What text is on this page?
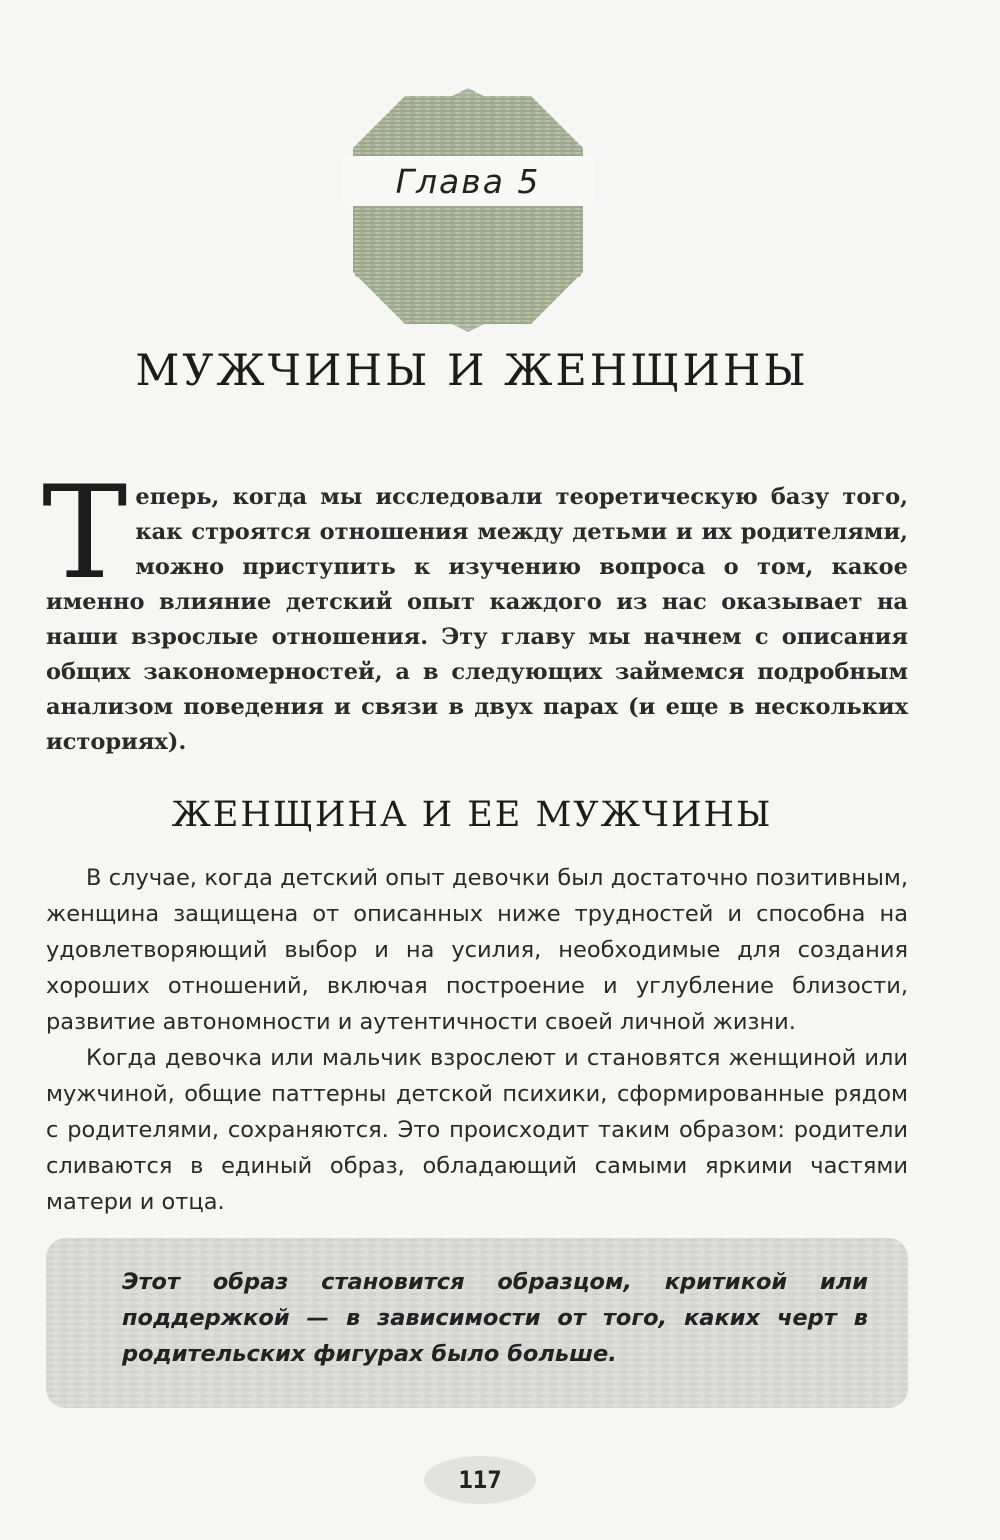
Глава 5
МУЖЧИНЫ И ЖЕНЩИНЫ
Т еперь, когда мы исследовали теоретическую базу того, как строятся отношения между детьми и их родителями, можно приступить к изучению вопроса о том, какое именно влияние детский опыт каждого из нас оказывает на наши взрослые отношения. Эту главу мы начнем с описания общих закономерностей, а в следующих займемся подробным анализом поведения и связи в двух парах (и еще в нескольких историях).

ЖЕНЩИНА И ЕЕ МУЖЧИНЫ

В случае, когда детский опыт девочки был достаточно позитивным, женщина защищена от описанных ниже трудностей и способна на удовлетворяющий выбор и на усилия, необходимые для создания хороших отношений, включая построение и углубление близости, развитие автономности и аутентичности своей личной жизни.

Когда девочка или мальчик взрослеют и становятся женщиной или мужчиной, общие паттерны детской психики, сформированные рядом с родителями, сохраняются. Это происходит таким образом: родители сливаются в единый образ, обладающий самыми яркими частями матери и отца.

Этот образ становится образцом, критикой или поддержкой — в зависимости от того, каких черт в родительских фигурах было больше.

117
